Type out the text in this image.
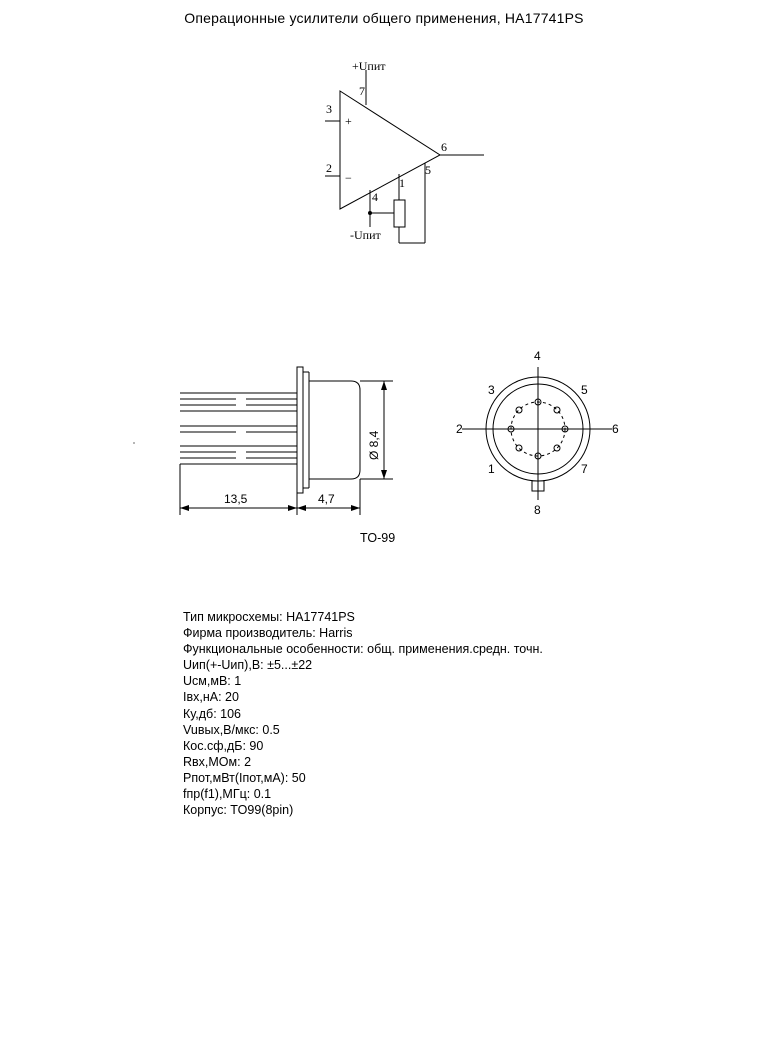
Операционные усилители общего применения, HA17741PS
+Uпит
-Uпит
7
3
2
6
4
1
5
+
−
13,5	4,7
Ø 8,4
4
3	5
2	6
1	7
8
TO-99
Тип микросхемы: HA17741PS
Фирма производитель: Harris
Функциональные особенности: общ. применения.средн. точн.
Uип(+-Uип),В: ±5...±22
Uсм,мВ: 1
Iвх,нА: 20
Ку,дб: 106
Vuвых,В/мкс: 0.5
Кос.сф,дБ: 90
Rвх,МОм: 2
Pпот,мВт(Iпот,мА): 50
fпр(f1),МГц: 0.1
Корпус: TO99(8pin)
